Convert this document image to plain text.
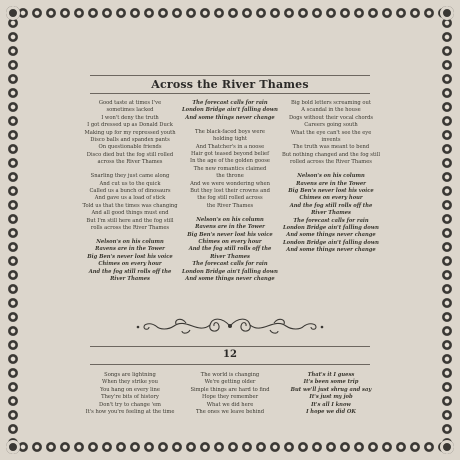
Across the River Thames
Good taste at times I've
sometimes lacked
I won't deny the truth
I got dressed up as Donald Duck
Making up for my repressed youth
Disco balls and spandex pants
On questionable friends
Disco died but the fog still rolled
across the River Thames
Snarling they just came along
And cut us to the quick
Called us a bunch of dinosaurs
And gave us a load of stick
Told us that the times was changing
And all good things must end
But I'm still here and the fog still
rolls across the River Thames
Nelson's on his column
Ravens are in the Tower
Big Ben's never lost his voice
Chimes on every hour
And the fog still rolls off the
River Thames
The forecast calls for rain
London Bridge ain't falling down
And some things never change
The black-faced boys were
holding tight
And Thatcher's in a noose
Hair got teased beyond belief
In the age of the golden goose
The new romantics claimed
the throne
And we were wondering when
But they lost their crowns and
the fog still rolled across
the River Thames
Nelson's on his column
Ravens are in the Tower
Big Ben's never lost his voice
Chimes on every hour
And the fog still rolls off the
River Thames
The forecast calls for rain
London Bridge ain't falling down
And some things never change
Big bold letters screaming out
A scandal in the house
Dogs without their vocal chords
Careers going south
What the eye can't see the eye
invents
The truth was meant to bend
But nothing changed and the fog still
rolled across the River Thames
Nelson's on his column
Ravens are in the Tower
Big Ben's never lost his voice
Chimes on every hour
And the fog still rolls off the
River Thames
The forecast calls for rain
London Bridge ain't falling down
And some things never change
London Bridge ain't falling down
And some things never change
12
Songs are lightning
When they strike you
You hang on every line
They're bits of history
Don't try to change 'em
It's how you're feeling at the time
The world is changing
We're getting older
Simple things are hard to find
Hope they remember
What we did here
The ones we leave behind
That's it I guess
It's been some trip
But we'll just shrug and say
It's just my job
It's all I know
I hope we did OK
